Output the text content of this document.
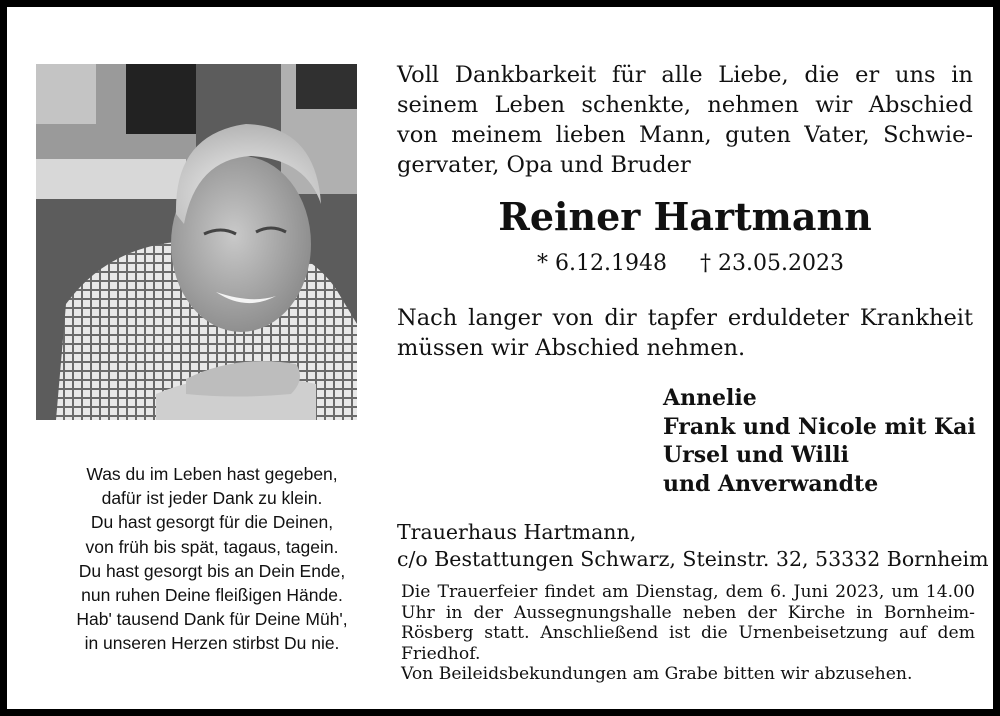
Voll Dankbarkeit für alle Liebe, die er uns in
seinem Leben schenkte, nehmen wir Abschied
von meinem lieben Mann, guten Vater, Schwie-
gervater, Opa und Bruder
Reiner Hartmann
* 6.12.1948 † 23.05.2023
Nach langer von dir tapfer erduldeter Krankheit
müssen wir Abschied nehmen.
Annelie
Frank und Nicole mit Kai
Ursel und Willi
und Anverwandte
Trauerhaus Hartmann,
c/o Bestattungen Schwarz, Steinstr. 32, 53332 Bornheim
Die Trauerfeier findet am Dienstag, dem 6. Juni 2023, um 14.00
Uhr in der Aussegnungshalle neben der Kirche in Bornheim-
Rösberg statt. Anschließend ist die Urnenbeisetzung auf dem
Friedhof.
Von Beileidsbekundungen am Grabe bitten wir abzusehen.
Was du im Leben hast gegeben,
dafür ist jeder Dank zu klein.
Du hast gesorgt für die Deinen,
von früh bis spät, tagaus, tagein.
Du hast gesorgt bis an Dein Ende,
nun ruhen Deine fleißigen Hände.
Hab' tausend Dank für Deine Müh',
in unseren Herzen stirbst Du nie.
